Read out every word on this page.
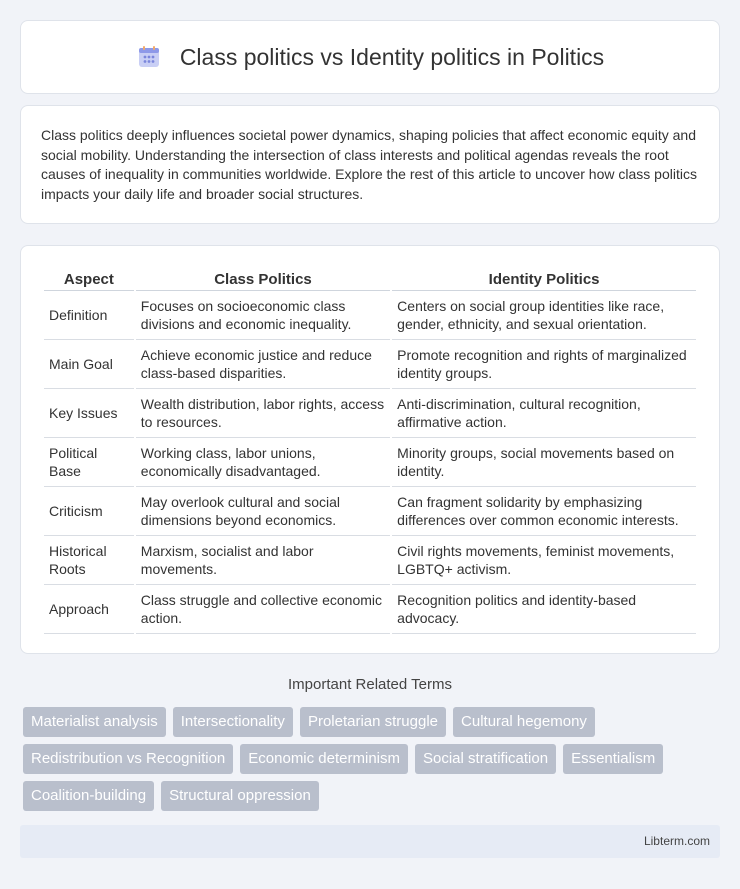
Class politics vs Identity politics in Politics

Class politics deeply influences societal power dynamics, shaping policies that affect economic equity and social mobility. Understanding the intersection of class interests and political agendas reveals the root causes of inequality in communities worldwide. Explore the rest of this article to uncover how class politics impacts your daily life and broader social structures.

Aspect	Class Politics	Identity Politics
Definition	Focuses on socioeconomic class divisions and economic inequality.	Centers on social group identities like race, gender, ethnicity, and sexual orientation.
Main Goal	Achieve economic justice and reduce class-based disparities.	Promote recognition and rights of marginalized identity groups.
Key Issues	Wealth distribution, labor rights, access to resources.	Anti-discrimination, cultural recognition, affirmative action.
Political Base	Working class, labor unions, economically disadvantaged.	Minority groups, social movements based on identity.
Criticism	May overlook cultural and social dimensions beyond economics.	Can fragment solidarity by emphasizing differences over common economic interests.
Historical Roots	Marxism, socialist and labor movements.	Civil rights movements, feminist movements, LGBTQ+ activism.
Approach	Class struggle and collective economic action.	Recognition politics and identity-based advocacy.
Important Related Terms
Materialist analysis	Intersectionality	Proletarian struggle	Cultural hegemony
Redistribution vs Recognition	Economic determinism	Social stratification	Essentialism
Coalition-building	Structural oppression
Libterm.com
